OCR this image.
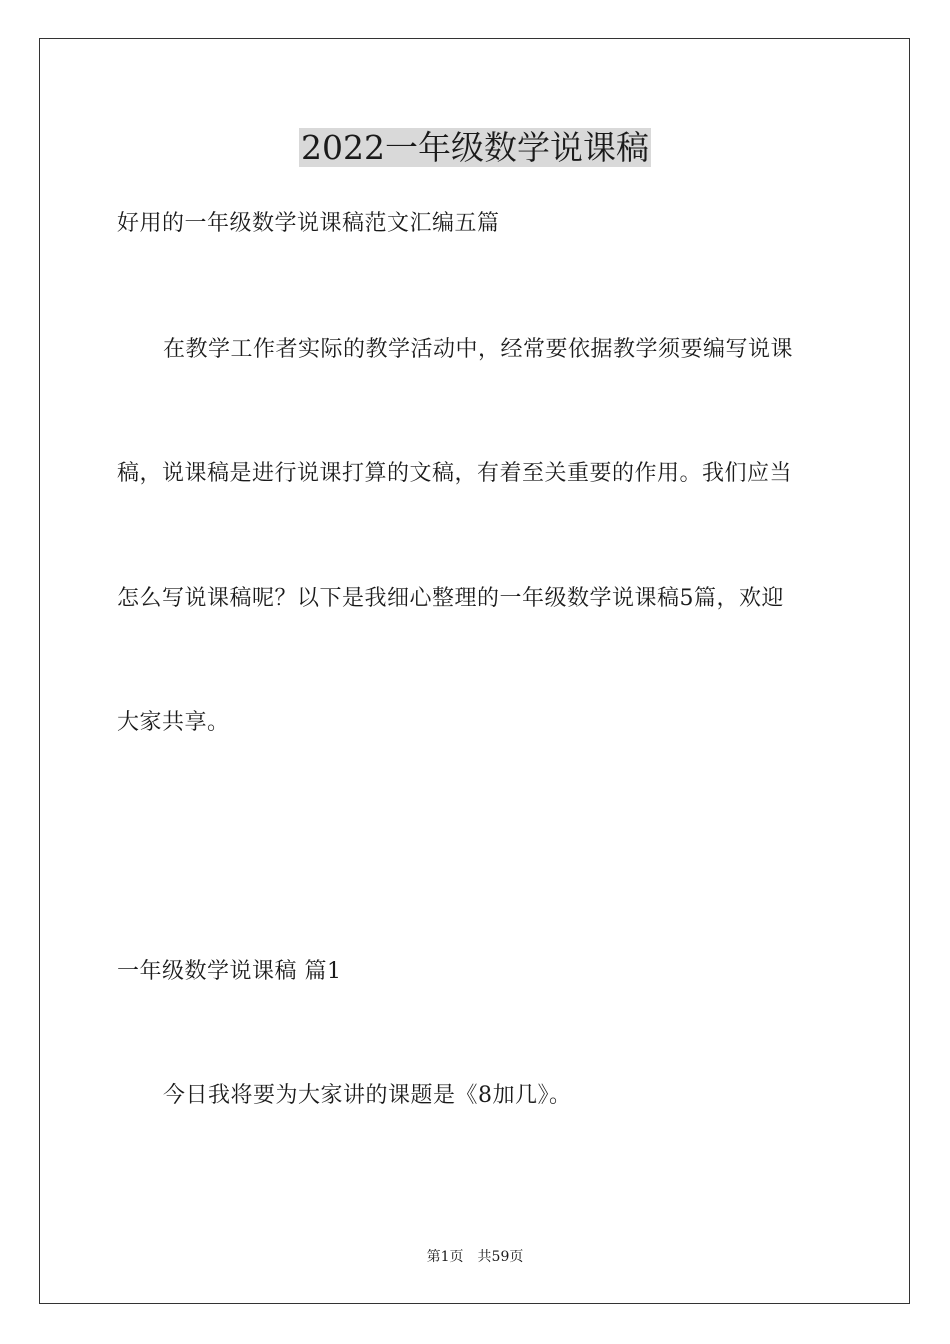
2022一年级数学说课稿
好用的一年级数学说课稿范文汇编五篇
在教学工作者实际的教学活动中，经常要依据教学须要编写说课
稿，说课稿是进行说课打算的文稿，有着至关重要的作用。我们应当
怎么写说课稿呢？以下是我细心整理的一年级数学说课稿5篇，欢迎
大家共享。
一年级数学说课稿 篇1
今日我将要为大家讲的课题是《8加几》。
第1页　共59页
